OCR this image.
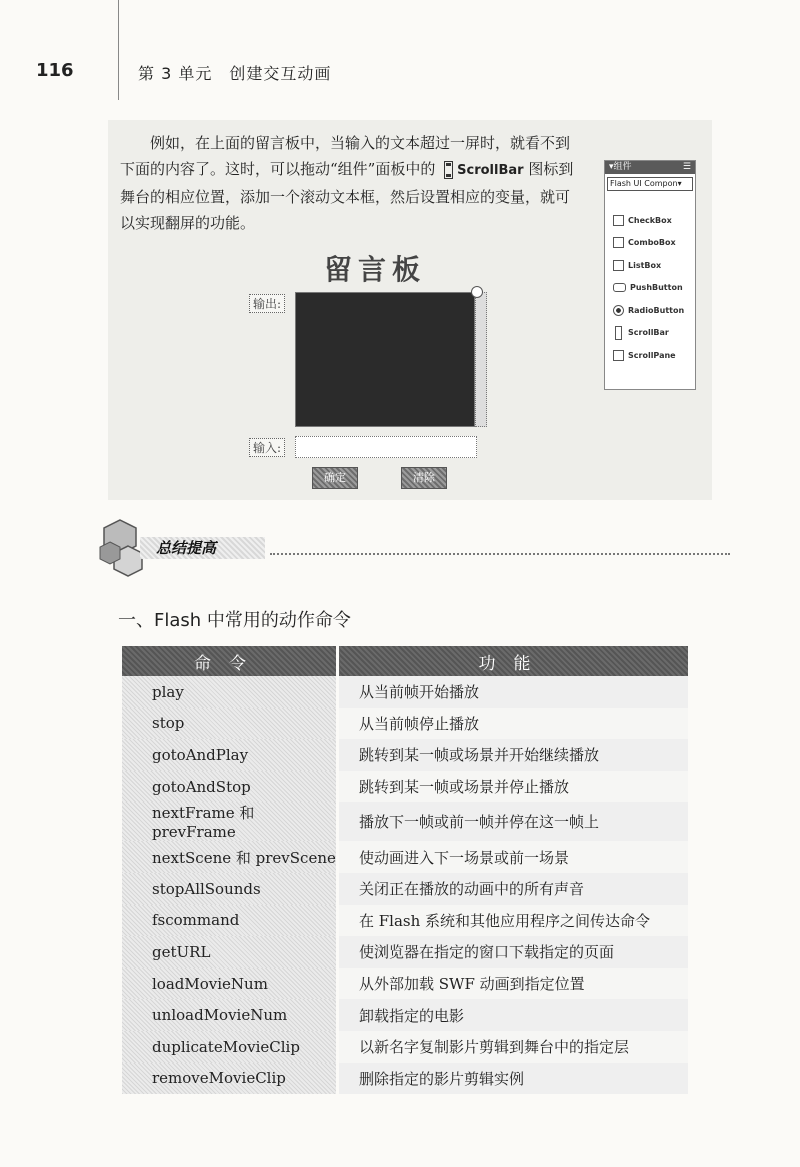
116	第 3 单元　创建交互动画

例如，在上面的留言板中，当输入的文本超过一屏时，就看不到下面的内容了。这时，可以拖动“组件”面板中的 ScrollBar 图标到舞台的相应位置，添加一个滚动文本框，然后设置相应的变量，就可以实现翻屏的功能。

▾组件	☰
Flash UI Compon▾
CheckBox
ComboBox
ListBox
PushButton
RadioButton
ScrollBar
ScrollPane
留言板
输出:
输入:
确定	清除
总结提高
一、Flash 中常用的动作命令
命令	功能
play	从当前帧开始播放
stop	从当前帧停止播放
gotoAndPlay	跳转到某一帧或场景并开始继续播放
gotoAndStop	跳转到某一帧或场景并停止播放
nextFrame 和 prevFrame	播放下一帧或前一帧并停在这一帧上
nextScene 和 prevScene	使动画进入下一场景或前一场景
stopAllSounds	关闭正在播放的动画中的所有声音
fscommand	在 Flash 系统和其他应用程序之间传达命令
getURL	使浏览器在指定的窗口下载指定的页面
loadMovieNum	从外部加载 SWF 动画到指定位置
unloadMovieNum	卸载指定的电影
duplicateMovieClip	以新名字复制影片剪辑到舞台中的指定层
removeMovieClip	删除指定的影片剪辑实例
